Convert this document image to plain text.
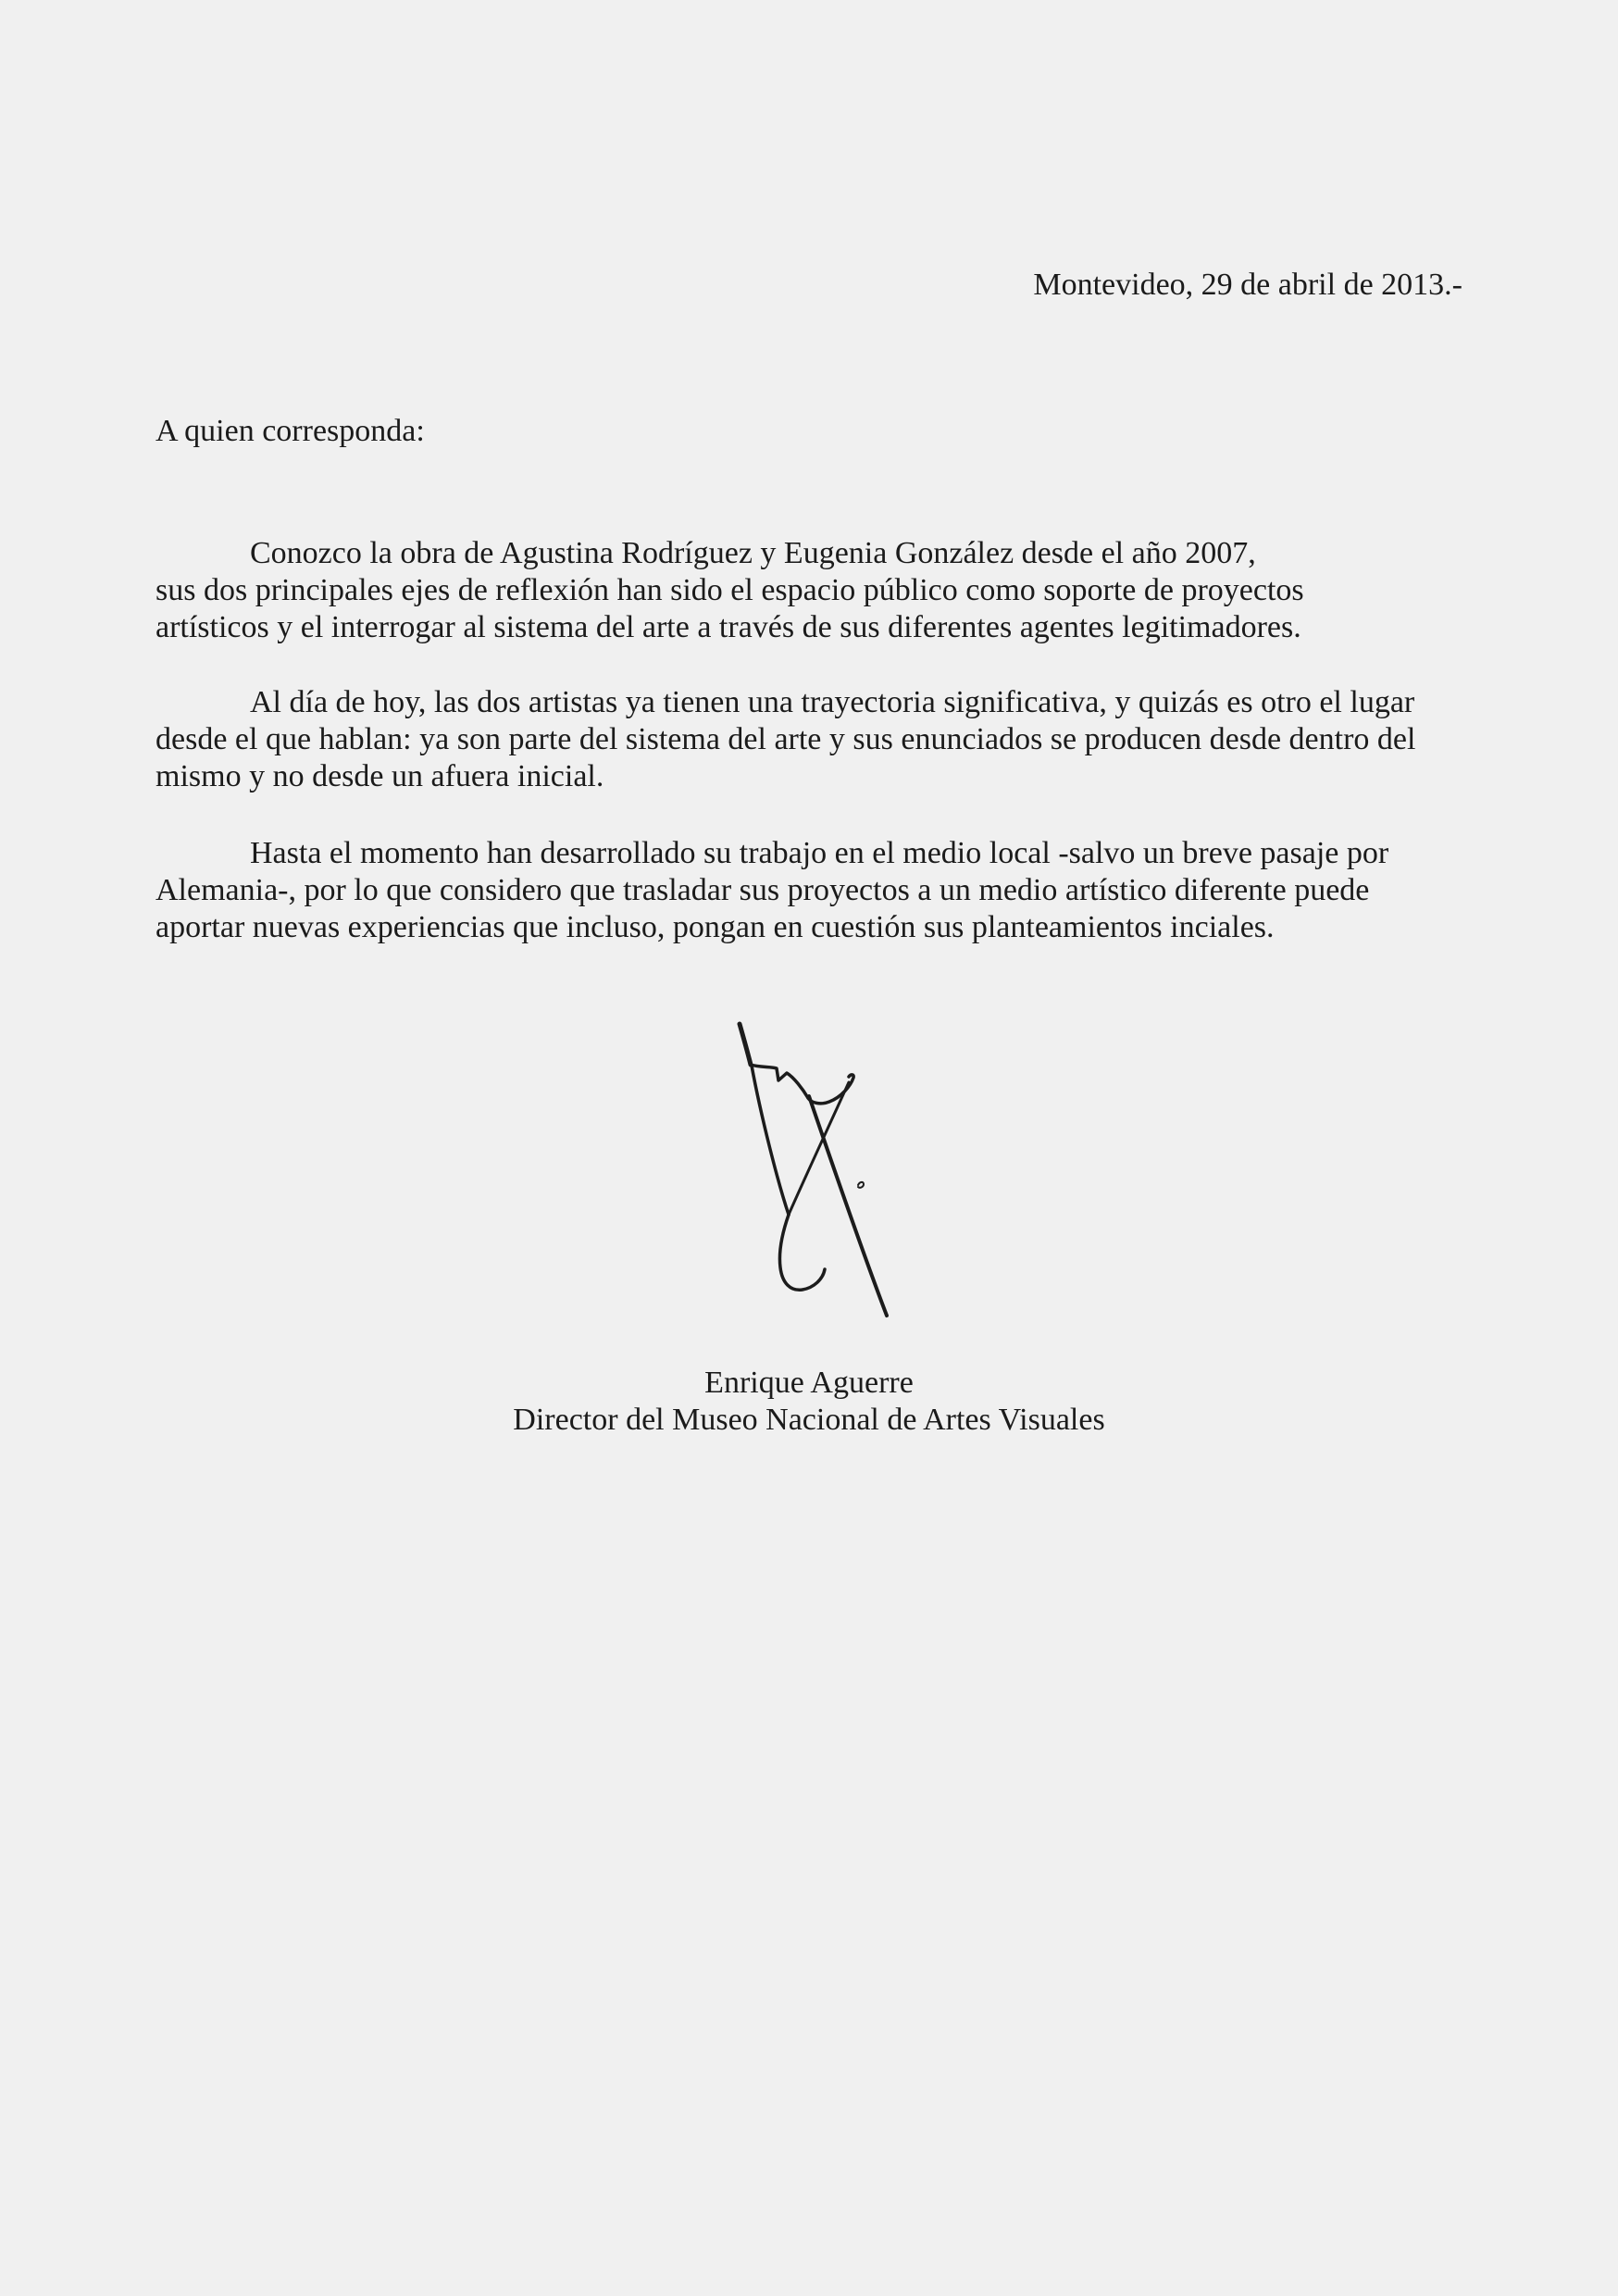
Montevideo, 29 de abril de 2013.-
A quien corresponda:
Conozco la obra de Agustina Rodríguez y Eugenia González desde el año 2007,
sus dos principales ejes de reflexión han sido el espacio público como soporte de proyectos
artísticos y el interrogar al sistema del arte a través de sus diferentes agentes legitimadores.
Al día de hoy, las dos artistas ya tienen una trayectoria significativa, y quizás es otro el lugar
desde el que hablan: ya son parte del sistema del arte y sus enunciados se producen desde dentro del
mismo y no desde un afuera inicial.
Hasta el momento han desarrollado su trabajo en el medio local -salvo un breve pasaje por
Alemania-, por lo que considero que trasladar sus proyectos a un medio artístico diferente puede
aportar nuevas experiencias que incluso, pongan en cuestión sus planteamientos inciales.
Enrique Aguerre
Director del Museo Nacional de Artes Visuales
